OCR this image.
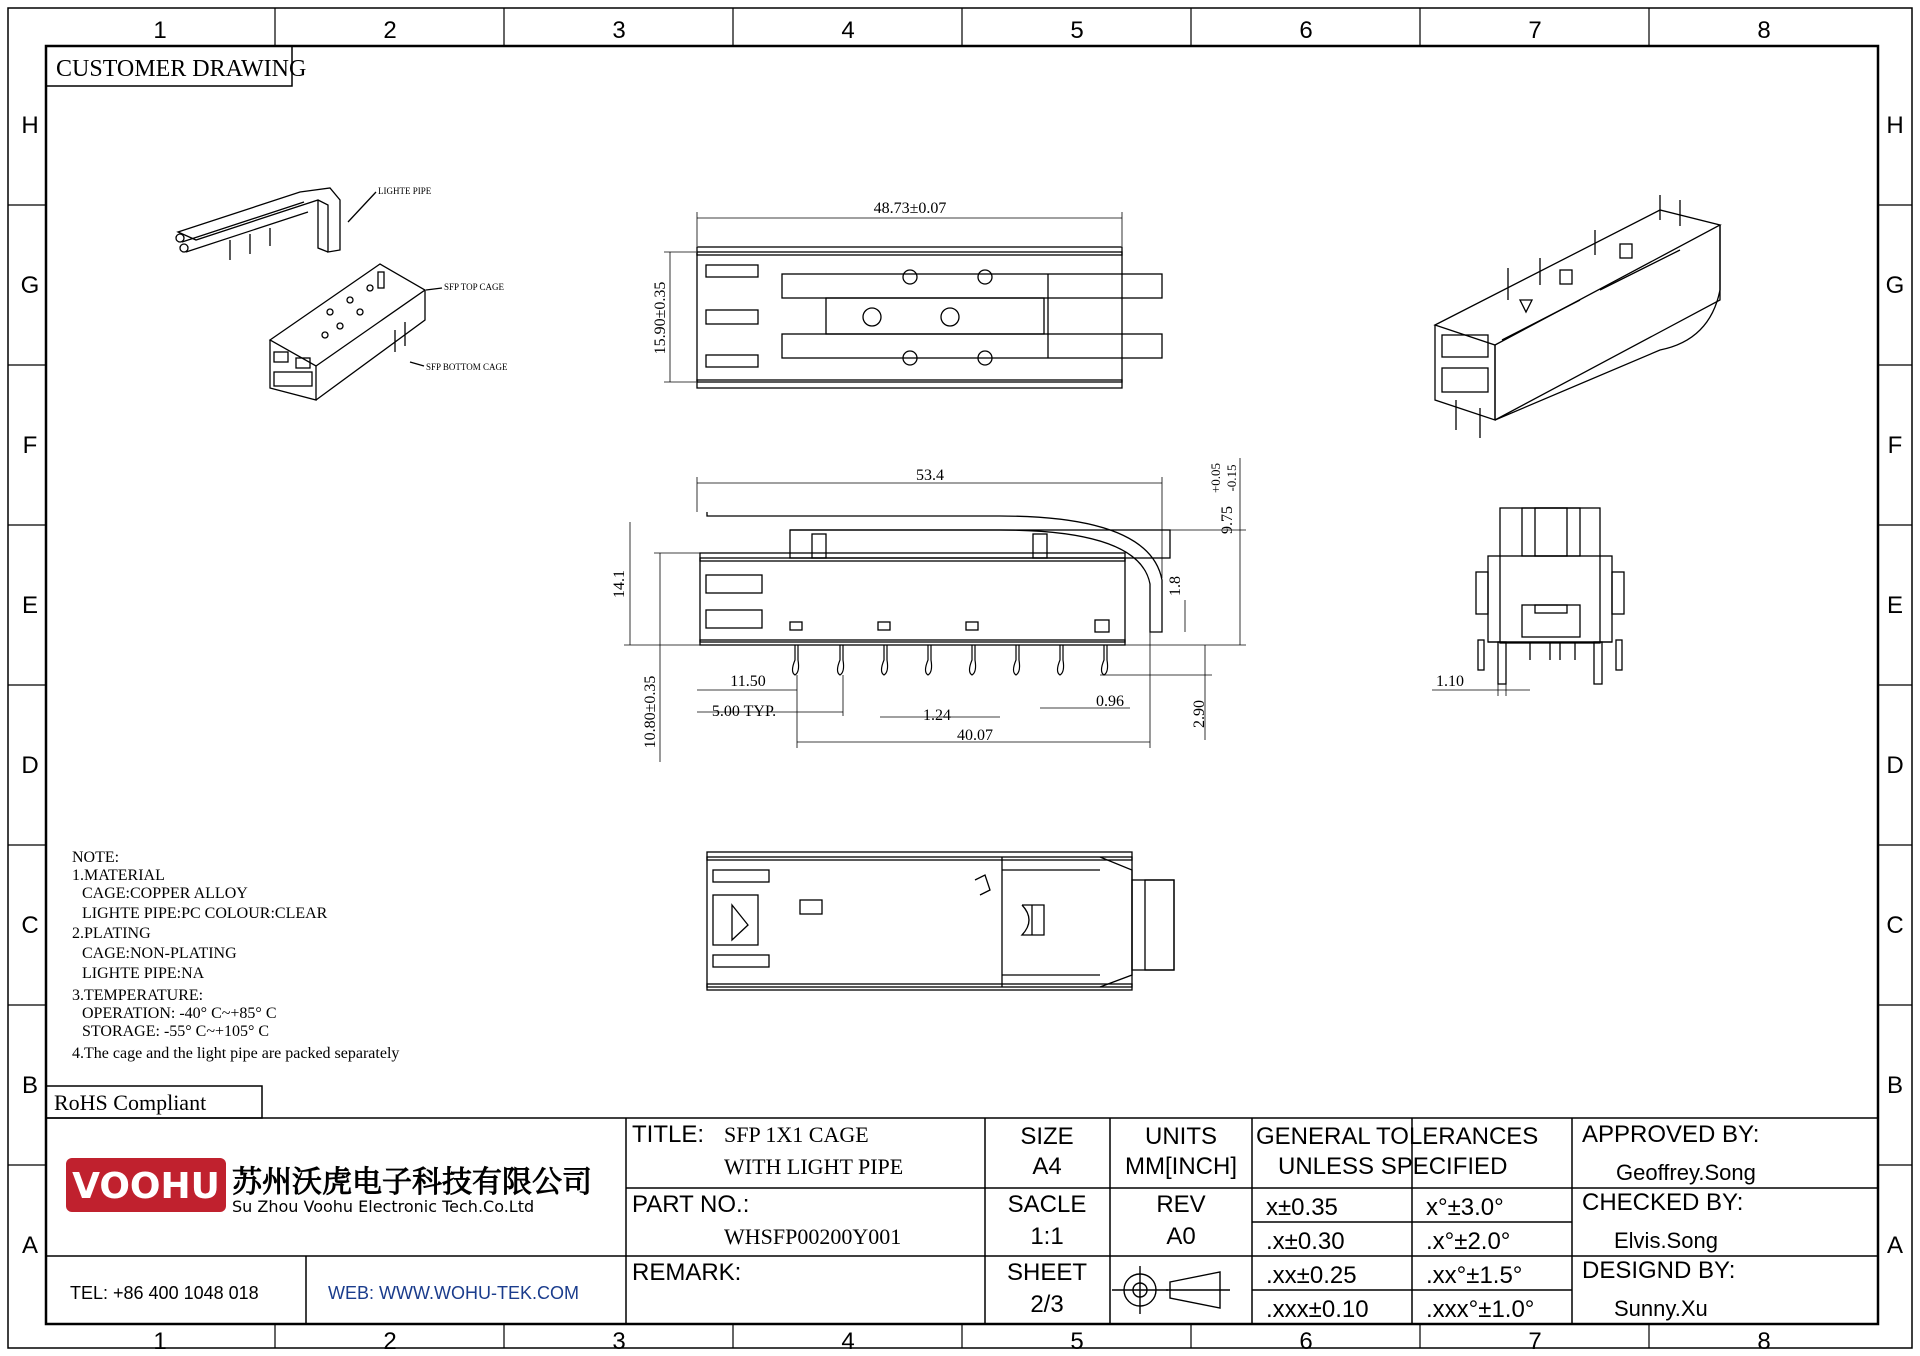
1	2	3	4	5	6	7	8
1	2	3	4	5	6	7	8
H
G
F
E
D
C
B
A
H
G
F
E
D
C
B
A
CUSTOMER DRAWING
LIGHTE PIPE
SFP TOP CAGE
SFP BOTTOM CAGE
48.73±0.07
15.90±0.35
53.4
14.1
9.75
+0.05 -0.15
1.8
10.80±0.35	11.50
5.00 TYP.	1.24
40.07
0.96	2.90
1.10
NOTE:
1.MATERIAL
CAGE:COPPER ALLOY
LIGHTE PIPE:PC COLOUR:CLEAR
2.PLATING
CAGE:NON-PLATING
LIGHTE PIPE:NA
3.TEMPERATURE:
OPERATION: -40° C~+85° C
STORAGE: -55° C~+105° C
4.The cage and the light pipe are packed separately
RoHS Compliant
VOOHU 苏州沃虎电子科技有限公司
Su Zhou Voohu Electronic Tech.Co.Ltd
TEL: +86 400 1048 018	WEB: WWW.WOHU-TEK.COM
TITLE: SFP 1X1 CAGE
WITH LIGHT PIPE
PART NO.:
WHSFP00200Y001
REMARK:
SIZE
A4
SACLE
1:1
SHEET
2/3
UNITS
MM[INCH]
REV
A0
GENERAL TOLERANCES
UNLESS SPECIFIED
x±0.35	x°±3.0°
.x±0.30	.x°±2.0°
.xx±0.25	.xx°±1.5°
.xxx±0.10 .xxx°±1.0°
APPROVED BY:
Geoffrey.Song
CHECKED BY:
Elvis.Song
DESIGND BY:
Sunny.Xu
